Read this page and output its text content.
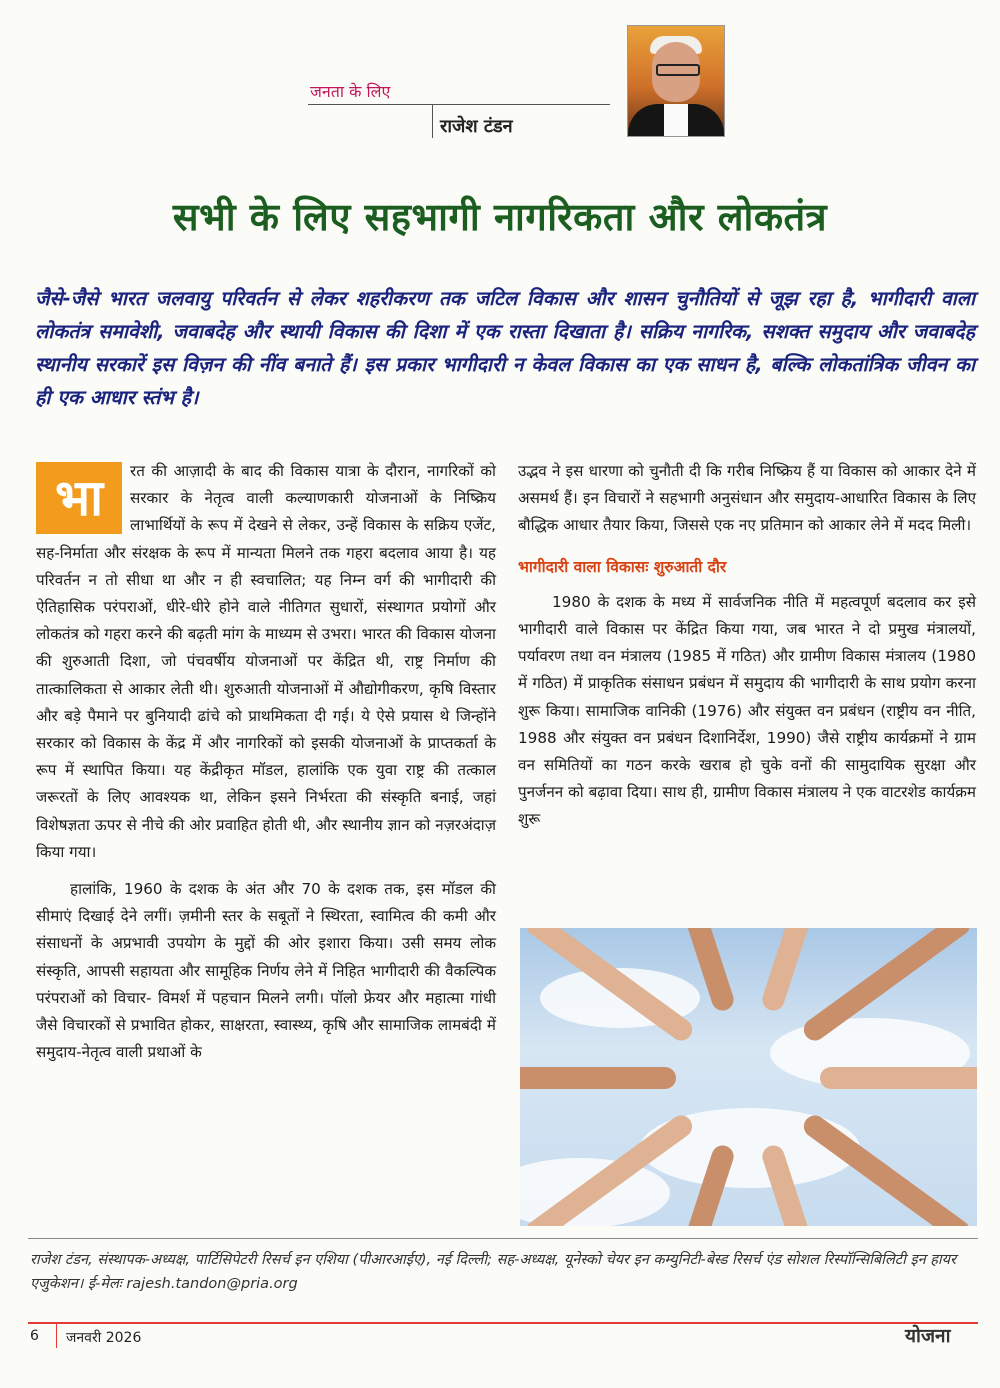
जनता के लिए
राजेश टंडन
सभी के लिए सहभागी नागरिकता और लोकतंत्र
जैसे-जैसे भारत जलवायु परिवर्तन से लेकर शहरीकरण तक जटिल विकास और शासन चुनौतियों से जूझ रहा है, भागीदारी वाला लोकतंत्र समावेशी, जवाबदेह और स्थायी विकास की दिशा में एक रास्ता दिखाता है। सक्रिय नागरिक, सशक्त समुदाय और जवाबदेह स्थानीय सरकारें इस विज़न की नींव बनाते हैं। इस प्रकार भागीदारी न केवल विकास का एक साधन है, बल्कि लोकतांत्रिक जीवन का ही एक आधार स्तंभ है।
भा	रत की आज़ादी के बाद की विकास यात्रा के दौरान, नागरिकों को सरकार के नेतृत्व वाली कल्याणकारी योजनाओं के निष्क्रिय लाभार्थियों के रूप में देखने से लेकर, उन्हें विकास के सक्रिय एजेंट, सह-निर्माता और संरक्षक के रूप में मान्यता मिलने तक गहरा बदलाव आया है। यह परिवर्तन न तो सीधा था और न ही स्वचालित; यह निम्न वर्ग की भागीदारी की ऐतिहासिक परंपराओं, धीरे-धीरे होने वाले नीतिगत सुधारों, संस्थागत प्रयोगों और लोकतंत्र को गहरा करने की बढ़ती मांग के माध्यम से उभरा। भारत की विकास योजना की शुरुआती दिशा, जो पंचवर्षीय योजनाओं पर केंद्रित थी, राष्ट्र निर्माण की तात्कालिकता से आकार लेती थी। शुरुआती योजनाओं में औद्योगीकरण, कृषि विस्तार और बड़े पैमाने पर बुनियादी ढांचे को प्राथमिकता दी गई। ये ऐसे प्रयास थे जिन्होंने सरकार को विकास के केंद्र में और नागरिकों को इसकी योजनाओं के प्राप्तकर्ता के रूप में स्थापित किया। यह केंद्रीकृत मॉडल, हालांकि एक युवा राष्ट्र की तत्काल जरूरतों के लिए आवश्यक था, लेकिन इसने निर्भरता की संस्कृति बनाई, जहां विशेषज्ञता ऊपर से नीचे की ओर प्रवाहित होती थी, और स्थानीय ज्ञान को नज़रअंदाज़ किया गया।

हालांकि, 1960 के दशक के अंत और 70 के दशक तक, इस मॉडल की सीमाएं दिखाई देने लगीं। ज़मीनी स्तर के सबूतों ने स्थिरता, स्वामित्व की कमी और संसाधनों के अप्रभावी उपयोग के मुद्दों की ओर इशारा किया। उसी समय लोक संस्कृति, आपसी सहायता और सामूहिक निर्णय लेने में निहित भागीदारी की वैकल्पिक परंपराओं को विचार- विमर्श में पहचान मिलने लगी। पॉलो फ्रेयर और महात्मा गांधी जैसे विचारकों से प्रभावित होकर, साक्षरता, स्वास्थ्य, कृषि और सामाजिक लामबंदी में समुदाय-नेतृत्व वाली प्रथाओं के

उद्भव ने इस धारणा को चुनौती दी कि गरीब निष्क्रिय हैं या विकास को आकार देने में असमर्थ हैं। इन विचारों ने सहभागी अनुसंधान और समुदाय-आधारित विकास के लिए बौद्धिक आधार तैयार किया, जिससे एक नए प्रतिमान को आकार लेने में मदद मिली।

भागीदारी वाला विकासः शुरुआती दौर

1980 के दशक के मध्य में सार्वजनिक नीति में महत्वपूर्ण बदलाव कर इसे भागीदारी वाले विकास पर केंद्रित किया गया, जब भारत ने दो प्रमुख मंत्रालयों, पर्यावरण तथा वन मंत्रालय (1985 में गठित) और ग्रामीण विकास मंत्रालय (1980 में गठित) में प्राकृतिक संसाधन प्रबंधन में समुदाय की भागीदारी के साथ प्रयोग करना शुरू किया। सामाजिक वानिकी (1976) और संयुक्त वन प्रबंधन (राष्ट्रीय वन नीति, 1988 और संयुक्त वन प्रबंधन दिशानिर्देश, 1990) जैसे राष्ट्रीय कार्यक्रमों ने ग्राम वन समितियों का गठन करके खराब हो चुके वनों की सामुदायिक सुरक्षा और पुनर्जनन को बढ़ावा दिया। साथ ही, ग्रामीण विकास मंत्रालय ने एक वाटरशेड कार्यक्रम शुरू

राजेश टंडन, संस्थापक-अध्यक्ष, पार्टिसिपेटरी रिसर्च इन एशिया (पीआरआईए), नई दिल्ली; सह-अध्यक्ष, यूनेस्को चेयर इन कम्युनिटी-बेस्ड रिसर्च एंड सोशल रिस्पॉन्सिबिलिटी इन हायर एजुकेशन। ई-मेलः rajesh.tandon@pria.org
6 जनवरी 2026	योजना
